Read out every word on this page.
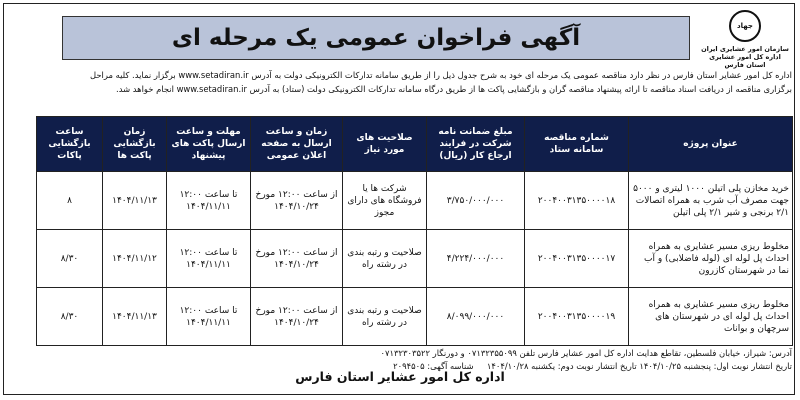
جهاد
سازمان امور عشایری ایران
اداره کل امور عشایری استان فارس
آگهی فراخوان عمومی یک مرحله ای
اداره کل امور عشایر استان فارس در نظر دارد مناقصه عمومی یک مرحله ای خود به شرح جدول ذیل را از طریق سامانه تدارکات الکترونیکی دولت به آدرس www.setadiran.ir برگزار نماید. کلیه مراحل
برگزاری مناقصه از دریافت اسناد مناقصه تا ارائه پیشنهاد مناقصه گران و بازگشایی پاکت ها از طریق درگاه سامانه تدارکات الکترونیکی دولت (ستاد) به آدرس www.setadiran.ir انجام خواهد شد.
عنوان پروژه	شماره مناقصه سامانه ستاد	مبلغ ضمانت نامه شرکت در فرایند ارجاع کار (ریال)	صلاحیت های مورد نیاز	زمان و ساعت ارسال به صفحه اعلان عمومی	مهلت و ساعت ارسال پاکت های پیشنهاد	زمان بازگشایی پاکت ها	ساعت بازگشایی پاکات
خرید مخازن پلی اتیلن ۱۰۰۰ لیتری و ۵۰۰۰ جهت مصرف آب شرب به همراه اتصالات ۲/۱ برنجی و شیر ۲/۱ پلی اتیلن	۲۰۰۴۰۰۳۱۳۵۰۰۰۰۱۸	۳/۷۵۰/۰۰۰/۰۰۰	شرکت ها یا فروشگاه های دارای مجوز	از ساعت ۱۲:۰۰ مورخ ۱۴۰۴/۱۰/۲۴	تا ساعت ۱۲:۰۰ ۱۴۰۴/۱۱/۱۱	۱۴۰۴/۱۱/۱۳	۸
مخلوط ریزی مسیر عشایری به همراه احداث پل لوله ای (لوله فاضلابی) و آب نما در شهرستان کازرون	۲۰۰۴۰۰۳۱۳۵۰۰۰۰۱۷	۴/۲۲۴/۰۰۰/۰۰۰	صلاحیت و رتبه بندی در رشته راه	از ساعت ۱۲:۰۰ مورخ ۱۴۰۴/۱۰/۲۴	تا ساعت ۱۲:۰۰ ۱۴۰۴/۱۱/۱۱	۱۴۰۴/۱۱/۱۲	۸/۳۰
مخلوط ریزی مسیر عشایری به همراه احداث پل لوله ای در شهرستان های سرچهان و بوانات	۲۰۰۴۰۰۳۱۳۵۰۰۰۰۱۹	۸/۰۹۹/۰۰۰/۰۰۰	صلاحیت و رتبه بندی در رشته راه	از ساعت ۱۲:۰۰ مورخ ۱۴۰۴/۱۰/۲۴	تا ساعت ۱۲:۰۰ ۱۴۰۴/۱۱/۱۱	۱۴۰۴/۱۱/۱۳	۸/۳۰
آدرس: شیراز، خیابان فلسطین، تقاطع هدایت اداره کل امور عشایر فارس تلفن ۰۷۱۳۲۳۵۵۰۹۹ و دورنگار ۰۷۱۳۲۳۰۳۵۲۲
تاریخ انتشار نوبت اول: پنجشنبه ۱۴۰۴/۱۰/۲۵ تاریخ انتشار نوبت دوم: یکشنبه ۱۴۰۴/۱۰/۲۸     شناسه آگهی: ۲۰۹۴۵۰۵
اداره کل امور عشایر استان فارس
